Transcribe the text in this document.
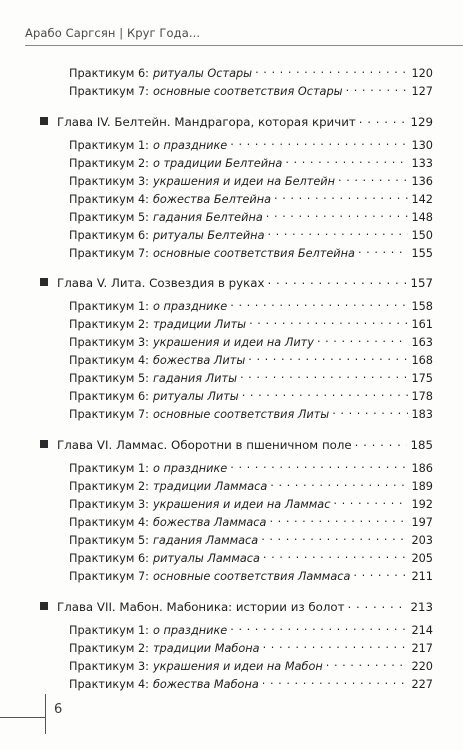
Арабо Саргсян | Круг Года...
Практикум 6: ритуалы Остары . . .	120
Практикум 7: основные соответствия Остары . . .	127
Глава IV. Белтейн. Мандрагора, которая кричит . . .	129
Практикум 1: о празднике . . .	130
Практикум 2: о традиции Белтейна . . .	133
Практикум 3: украшения и идеи на Белтейн . . .	136
Практикум 4: божества Белтейна . . .	142
Практикум 5: гадания Белтейна . . .	148
Практикум 6: ритуалы Белтейна . . .	150
Практикум 7: основные соответствия Белтейна . . .	155
Глава V. Лита. Созвездия в руках . . .	157
Практикум 1: о празднике . . .	158
Практикум 2: традиции Литы . . .	161
Практикум 3: украшения и идеи на Литу . . .	163
Практикум 4: божества Литы . . .	168
Практикум 5: гадания Литы . . .	175
Практикум 6: ритуалы Литы . . .	178
Практикум 7: основные соответствия Литы . . .	183
Глава VI. Ламмас. Оборотни в пшеничном поле . . .	185
Практикум 1: о празднике . . .	186
Практикум 2: традиции Ламмаса . . .	189
Практикум 3: украшения и идеи на Ламмас . . .	192
Практикум 4: божества Ламмаса . . .	197
Практикум 5: гадания Ламмаса . . .	203
Практикум 6: ритуалы Ламмаса . . .	205
Практикум 7: основные соответствия Ламмаса . . .	211
Глава VII. Мабон. Мабоника: истории из болот . . .	213
Практикум 1: о празднике . . .	214
Практикум 2: традиции Мабона . . .	217
Практикум 3: украшения и идеи на Мабон . . .	220
Практикум 4: божества Мабона . . .	227
6
